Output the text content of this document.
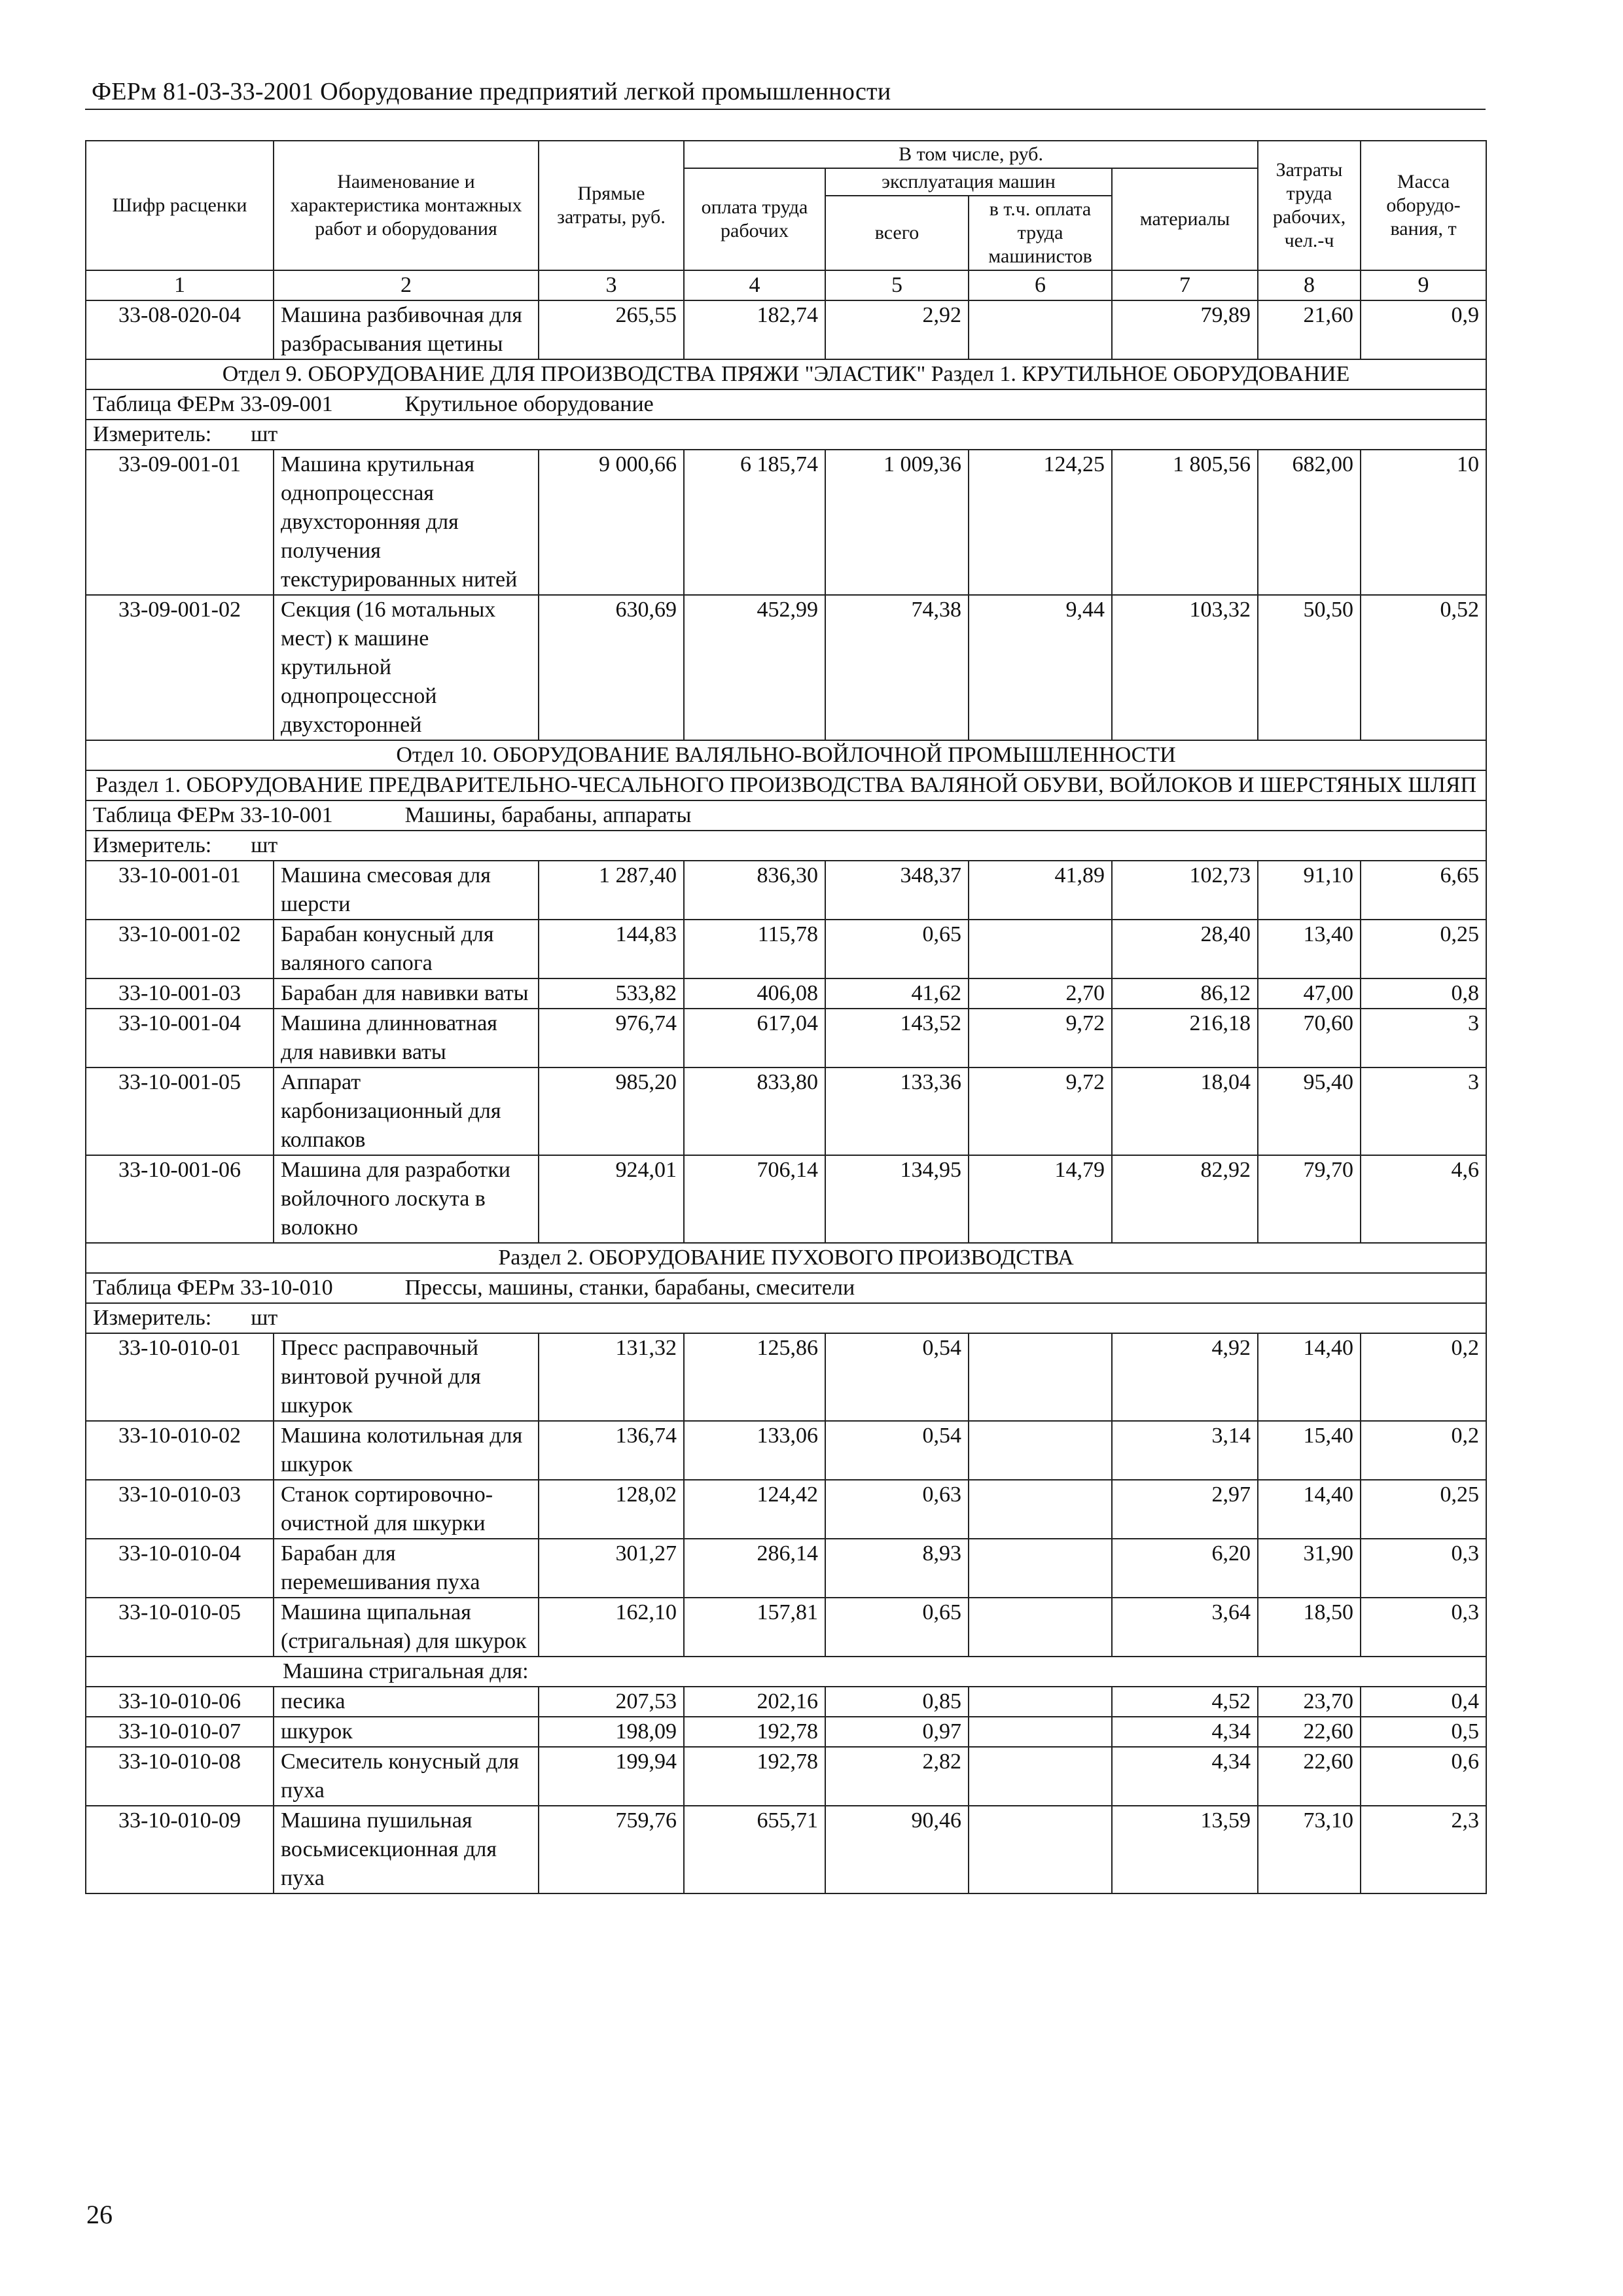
ФЕРм 81-03-33-2001 Оборудование предприятий легкой промышленности
Шифр расценки	Наименование и характеристика монтажных работ и оборудования	Прямые затраты, руб.	В том числе, руб.				Затраты труда рабочих, чел.-ч	Масса оборудо-вания, т
			оплата труда рабочих	эксплуатация машин		материалы		
				всего	в т.ч. оплата труда машинистов			
1	2	3	4	5	6	7	8	9
33-08-020-04	Машина разбивочная для разбрасывания щетины	265,55	182,74	2,92		79,89	21,60	0,9
Отдел 9. ОБОРУДОВАНИЕ ДЛЯ ПРОИЗВОДСТВА ПРЯЖИ "ЭЛАСТИК" Раздел 1. КРУТИЛЬНОЕ ОБОРУДОВАНИЕ								
Таблица ФЕРм 33-09-001 Крутильное оборудование								
Измеритель: шт								
33-09-001-01	Машина крутильная однопроцессная двухсторонняя для получения текстурированных нитей	9 000,66	6 185,74	1 009,36	124,25	1 805,56	682,00	10
33-09-001-02	Секция (16 мотальных мест) к машине крутильной однопроцессной двухсторонней	630,69	452,99	74,38	9,44	103,32	50,50	0,52
Отдел 10. ОБОРУДОВАНИЕ ВАЛЯЛЬНО-ВОЙЛОЧНОЙ ПРОМЫШЛЕННОСТИ								
Раздел 1. ОБОРУДОВАНИЕ ПРЕДВАРИТЕЛЬНО-ЧЕСАЛЬНОГО ПРОИЗВОДСТВА ВАЛЯНОЙ ОБУВИ, ВОЙЛОКОВ И ШЕРСТЯНЫХ ШЛЯП								
Таблица ФЕРм 33-10-001 Машины, барабаны, аппараты								
Измеритель: шт								
33-10-001-01	Машина смесовая для шерсти	1 287,40	836,30	348,37	41,89	102,73	91,10	6,65
33-10-001-02	Барабан конусный для валяного сапога	144,83	115,78	0,65		28,40	13,40	0,25
33-10-001-03	Барабан для навивки ваты	533,82	406,08	41,62	2,70	86,12	47,00	0,8
33-10-001-04	Машина длинноватная для навивки ваты	976,74	617,04	143,52	9,72	216,18	70,60	3
33-10-001-05	Аппарат карбонизационный для колпаков	985,20	833,80	133,36	9,72	18,04	95,40	3
33-10-001-06	Машина для разработки войлочного лоскута в волокно	924,01	706,14	134,95	14,79	82,92	79,70	4,6
Раздел 2. ОБОРУДОВАНИЕ ПУХОВОГО ПРОИЗВОДСТВА								
Таблица ФЕРм 33-10-010 Прессы, машины, станки, барабаны, смесители								
Измеритель: шт								
33-10-010-01	Пресс расправочный винтовой ручной для шкурок	131,32	125,86	0,54		4,92	14,40	0,2
33-10-010-02	Машина колотильная для шкурок	136,74	133,06	0,54		3,14	15,40	0,2
33-10-010-03	Станок сортировочно-очистной для шкурки	128,02	124,42	0,63		2,97	14,40	0,25
33-10-010-04	Барабан для перемешивания пуха	301,27	286,14	8,93		6,20	31,90	0,3
33-10-010-05	Машина щипальная (стригальная) для шкурок	162,10	157,81	0,65		3,64	18,50	0,3
	Машина стригальная для:							
33-10-010-06	песика	207,53	202,16	0,85		4,52	23,70	0,4
33-10-010-07	шкурок	198,09	192,78	0,97		4,34	22,60	0,5
33-10-010-08	Смеситель конусный для пуха	199,94	192,78	2,82		4,34	22,60	0,6
33-10-010-09	Машина пушильная восьмисекционная для пуха	759,76	655,71	90,46		13,59	73,10	2,3
26
